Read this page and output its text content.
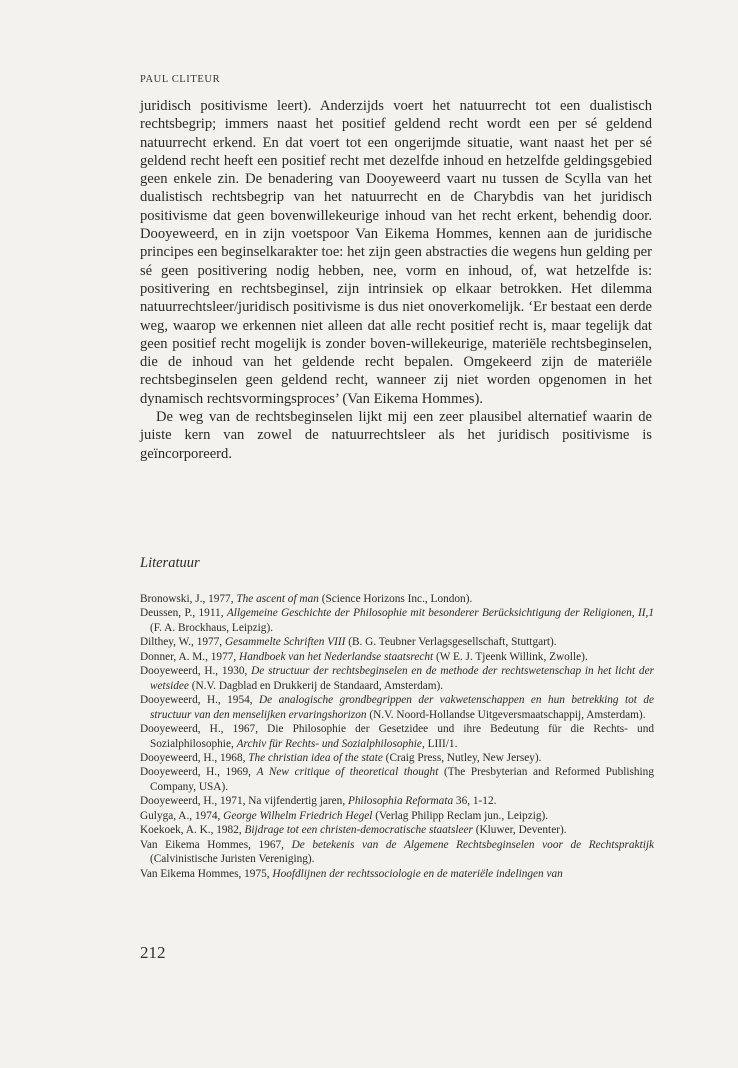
PAUL CLITEUR

juridisch positivisme leert). Anderzijds voert het natuurrecht tot een dualistisch rechtsbegrip; immers naast het positief geldend recht wordt een per sé geldend natuurrecht erkend. En dat voert tot een ongerijmde situatie, want naast het per sé geldend recht heeft een positief recht met dezelfde inhoud en hetzelfde geldingsgebied geen enkele zin. De benadering van Dooyeweerd vaart nu tussen de Scylla van het dualistisch rechtsbegrip van het natuurrecht en de Charybdis van het juridisch positivisme dat geen bovenwillekeurige inhoud van het recht erkent, behendig door. Dooyeweerd, en in zijn voetspoor Van Eikema Hommes, kennen aan de juridische principes een beginselkarakter toe: het zijn geen abstracties die wegens hun gelding per sé geen positivering nodig hebben, nee, vorm en inhoud, of, wat hetzelfde is: positivering en rechtsbeginsel, zijn intrinsiek op elkaar betrokken. Het dilemma natuurrechtsleer/juridisch positivisme is dus niet onoverkomelijk. ‘Er bestaat een derde weg, waarop we erkennen niet alleen dat alle recht positief recht is, maar tegelijk dat geen positief recht mogelijk is zonder boven-willekeurige, materiële rechtsbeginselen, die de inhoud van het geldende recht bepalen. Omgekeerd zijn de materiële rechtsbeginselen geen geldend recht, wanneer zij niet worden opgenomen in het dynamisch rechtsvormingsproces’ (Van Eikema Hommes).

De weg van de rechtsbeginselen lijkt mij een zeer plausibel alternatief waarin de juiste kern van zowel de natuurrechtsleer als het juridisch positivisme is geïncorporeerd.

Literatuur
Bronowski, J., 1977, The ascent of man (Science Horizons Inc., London).
Deussen, P., 1911, Allgemeine Geschichte der Philosophie mit besonderer Berücksichtigung der Religionen, II,1 (F. A. Brockhaus, Leipzig).
Dilthey, W., 1977, Gesammelte Schriften VIII (B. G. Teubner Verlagsgesellschaft, Stuttgart).
Donner, A. M., 1977, Handboek van het Nederlandse staatsrecht (W E. J. Tjeenk Willink, Zwolle).
Dooyeweerd, H., 1930, De structuur der rechtsbeginselen en de methode der rechtswetenschap in het licht der wetsidee (N.V. Dagblad en Drukkerij de Standaard, Amsterdam).
Dooyeweerd, H., 1954, De analogische grondbegrippen der vakwetenschappen en hun betrekking tot de structuur van den menselijken ervaringshorizon (N.V. Noord-Hollandse Uitgeversmaatschappij, Amsterdam).
Dooyeweerd, H., 1967, Die Philosophie der Gesetzidee und ihre Bedeutung für die Rechts- und Sozialphilosophie, Archiv für Rechts- und Sozialphilosophie, LIII/1.
Dooyeweerd, H., 1968, The christian idea of the state (Craig Press, Nutley, New Jersey).
Dooyeweerd, H., 1969, A New critique of theoretical thought (The Presbyterian and Reformed Publishing Company, USA).
Dooyeweerd, H., 1971, Na vijfendertig jaren, Philosophia Reformata 36, 1-12.
Gulyga, A., 1974, George Wilhelm Friedrich Hegel (Verlag Philipp Reclam jun., Leipzig).
Koekoek, A. K., 1982, Bijdrage tot een christen-democratische staatsleer (Kluwer, Deventer).
Van Eikema Hommes, 1967, De betekenis van de Algemene Rechtsbeginselen voor de Rechtspraktijk (Calvinistische Juristen Vereniging).
Van Eikema Hommes, 1975, Hoofdlijnen der rechtssociologie en de materiële indelingen van
212
